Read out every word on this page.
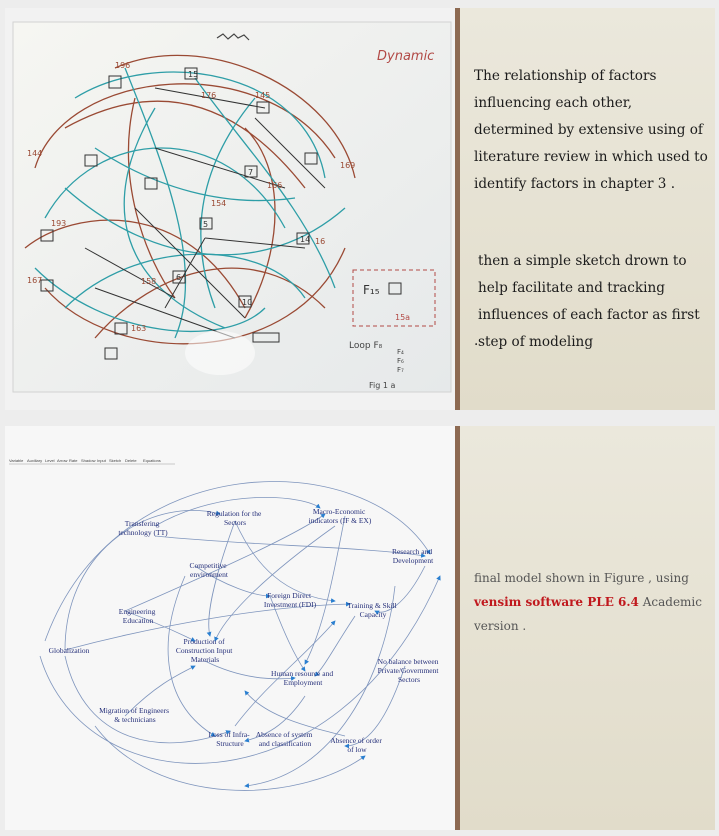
Dynamic
196
176	145
169
166
154
193
167	158
163
144
16
15
5
6
7
10
14
F₁₅
15a
Loop F₈
F₄
F₆
F₇
Fig 1 a

The relationship of factors influencing each other, determined by extensive using of literature review in which used to identify factors in chapter 3 .

then a simple sketch drown to help facilitate and tracking influences of each factor as first step of modeling

.

Variable Auxiliary Level Arrow Rate Shadow Input Sketch Delete Equations
Regulation for the Sectors
Macro-Economic indicators (IF & EX)
Transfering technology (TT)
Research and Development
Competitive environment
Foreign Direct Investment (FDI)	Training & Skill Capacity
Engineering Education
Globalization
Production of Construction Input Materials
Human resource and Employment
No balance between Private/Government Sectors
Migration of Engineers & technicians
Loss of Infra- Structure
Absence of system and classification	Absence of order of low

final model shown in Figure , using
vensim software PLE 6.4 Academic version .
